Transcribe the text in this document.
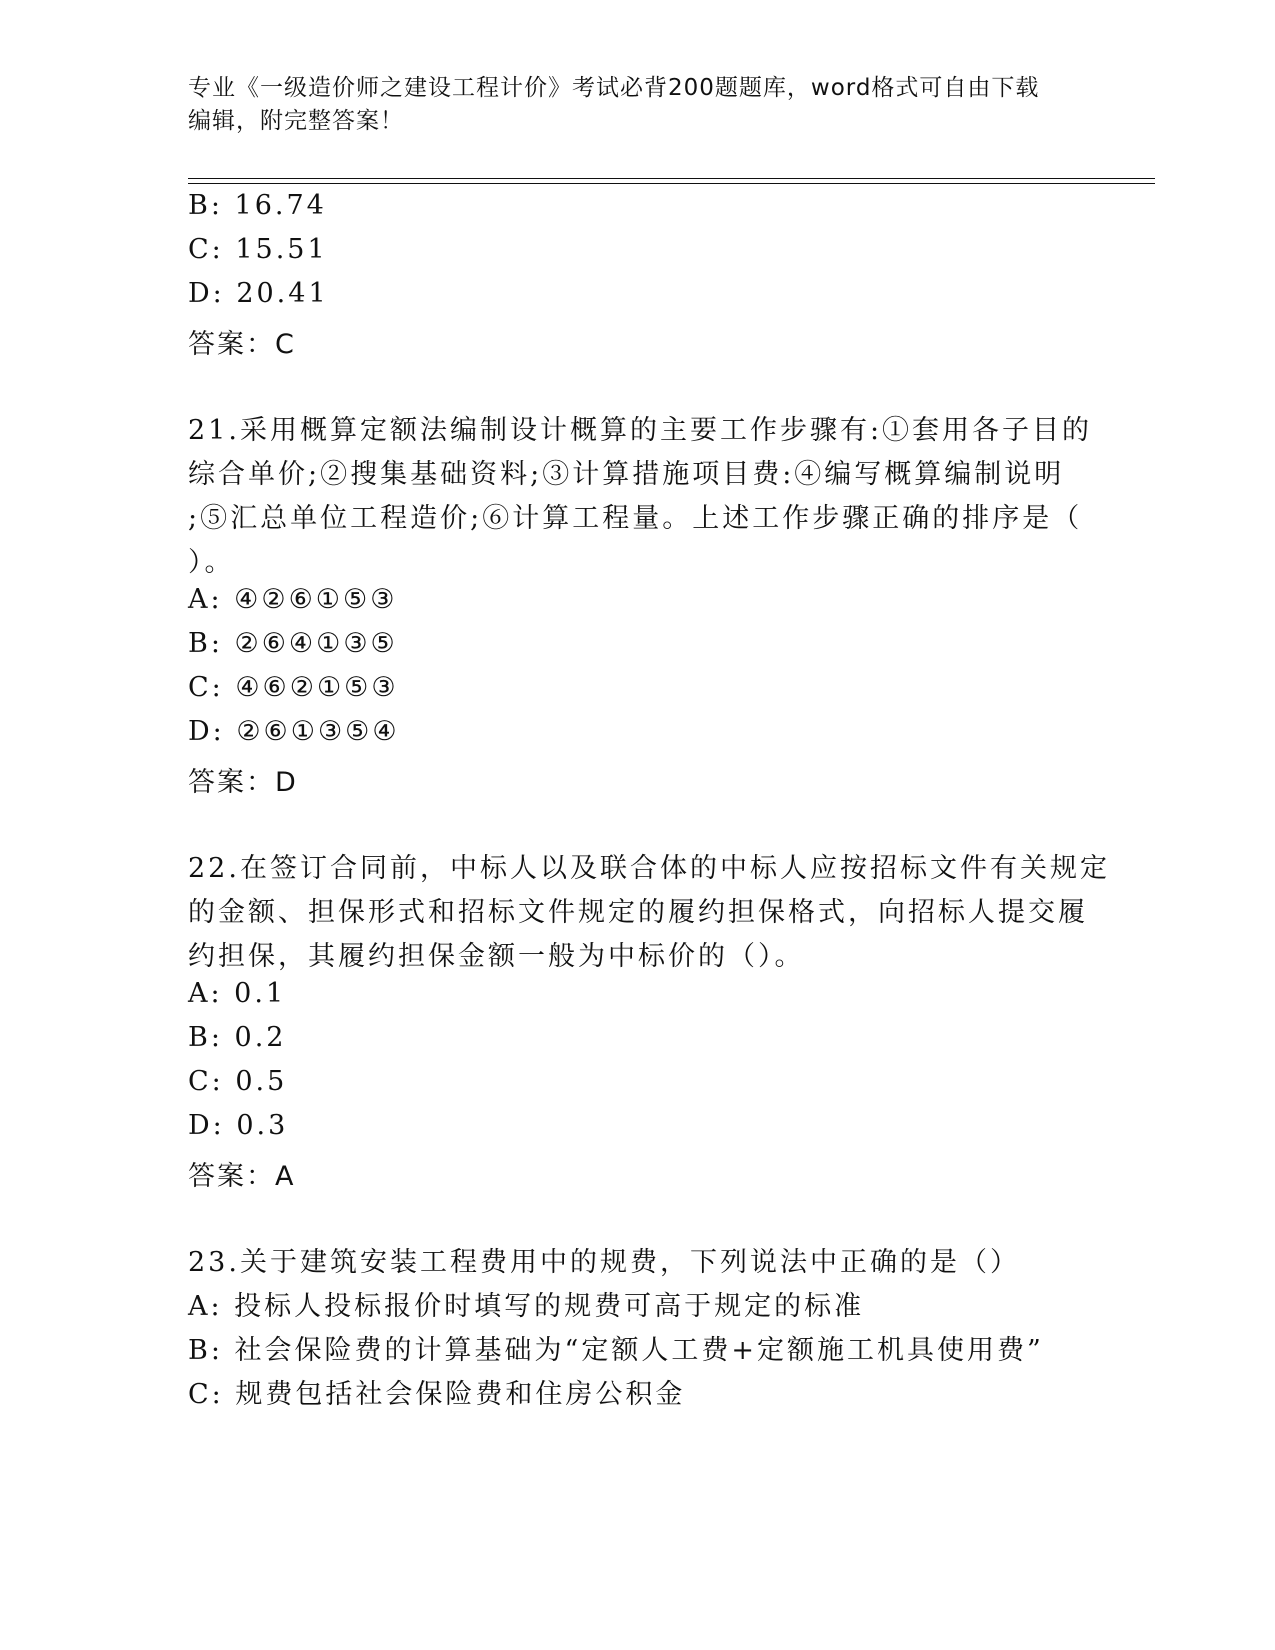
专业《一级造价师之建设工程计价》考试必背200题题库，word格式可自由下载
编辑，附完整答案！
B: 16.74
C: 15.51
D: 20.41
答案：C
21.采用概算定额法编制设计概算的主要工作步骤有:①套用各子目的
综合单价;②搜集基础资料;③计算措施项目费:④编写概算编制说明
;⑤汇总单位工程造价;⑥计算工程量。上述工作步骤正确的排序是（
）。
A: ④②⑥①⑤③
B: ②⑥④①③⑤
C: ④⑥②①⑤③
D: ②⑥①③⑤④
答案：D
22.在签订合同前，中标人以及联合体的中标人应按招标文件有关规定
的金额、担保形式和招标文件规定的履约担保格式，向招标人提交履
约担保，其履约担保金额一般为中标价的（）。
A: 0.1
B: 0.2
C: 0.5
D: 0.3
答案：A
23.关于建筑安装工程费用中的规费，下列说法中正确的是（）
A: 投标人投标报价时填写的规费可高于规定的标准
B: 社会保险费的计算基础为“定额人工费+定额施工机具使用费”
C: 规费包括社会保险费和住房公积金
